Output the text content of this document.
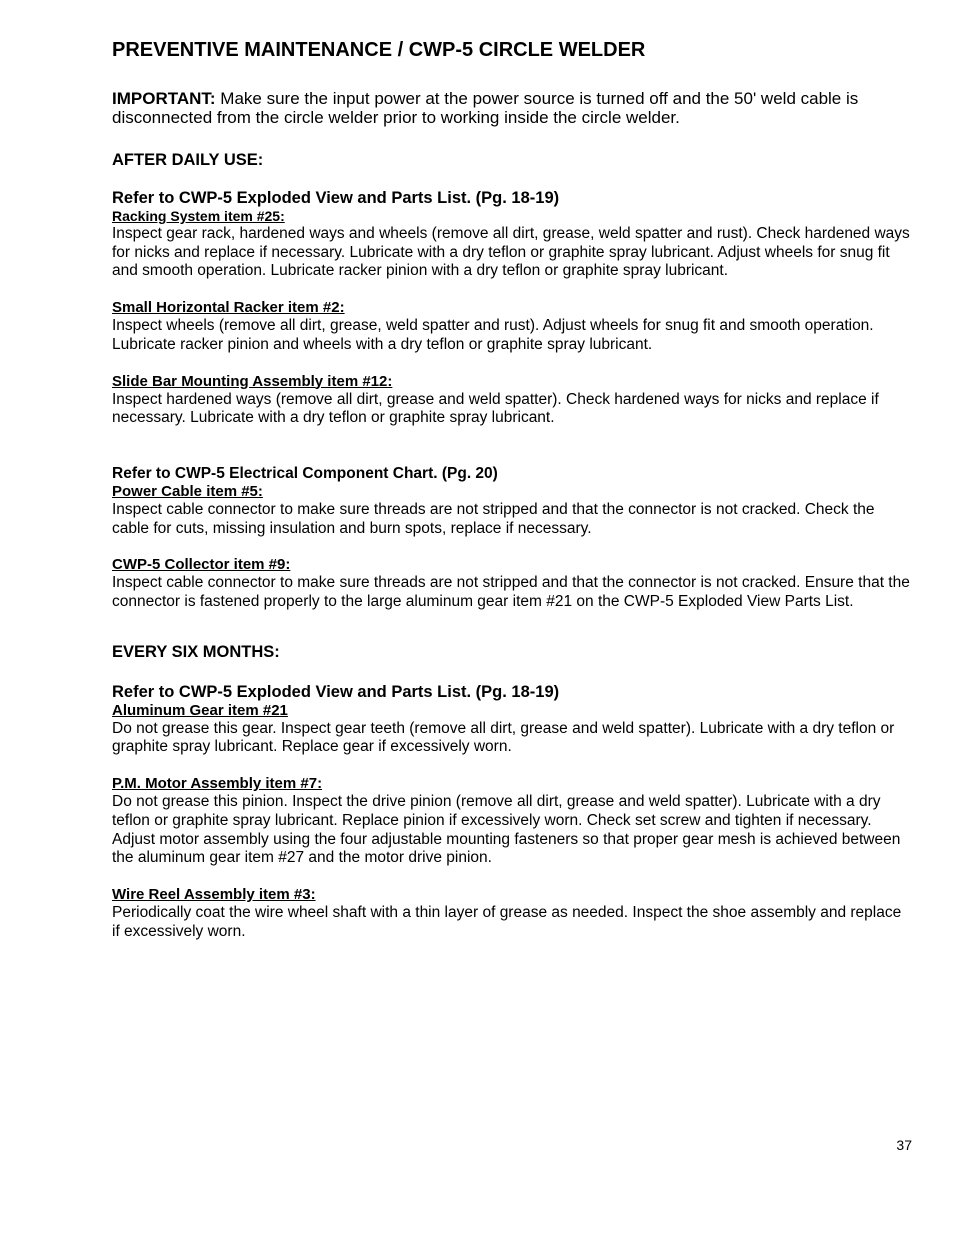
PREVENTIVE MAINTENANCE / CWP-5 CIRCLE WELDER
IMPORTANT: Make sure the input power at the power source is turned off and the 50' weld cable is disconnected from the circle welder prior to working inside the circle welder.
AFTER DAILY USE:
Refer to CWP-5 Exploded View and Parts List. (Pg. 18-19)
Racking System item #25:
Inspect gear rack, hardened ways and wheels (remove all dirt, grease, weld spatter and rust). Check hardened ways for nicks and replace if necessary. Lubricate with a dry teflon or graphite spray lubricant. Adjust wheels for snug fit and smooth operation. Lubricate racker pinion with a dry teflon or graphite spray lubricant.
Small Horizontal Racker item #2:
Inspect wheels (remove all dirt, grease, weld spatter and rust). Adjust wheels for snug fit and smooth operation. Lubricate racker pinion and wheels with a dry teflon or graphite spray lubricant.
Slide Bar Mounting Assembly item #12:
Inspect hardened ways (remove all dirt, grease and weld spatter). Check hardened ways for nicks and replace if necessary. Lubricate with a dry teflon or graphite spray lubricant.
Refer to CWP-5 Electrical Component Chart. (Pg. 20)
Power Cable item #5:
Inspect cable connector to make sure threads are not stripped and that the connector is not cracked. Check the cable for cuts, missing insulation and burn spots, replace if necessary.
CWP-5 Collector item #9:
Inspect cable connector to make sure threads are not stripped and that the connector is not cracked. Ensure that the connector is fastened properly to the large aluminum gear item #21 on the CWP-5 Exploded View Parts List.
EVERY SIX MONTHS:
Refer to CWP-5 Exploded View and Parts List. (Pg. 18-19)
Aluminum Gear item #21
Do not grease this gear. Inspect gear teeth (remove all dirt, grease and weld spatter). Lubricate with a dry teflon or graphite spray lubricant. Replace gear if excessively worn.
P.M. Motor Assembly item #7:
Do not grease this pinion. Inspect the drive pinion (remove all dirt, grease and weld spatter). Lubricate with a dry teflon or graphite spray lubricant. Replace pinion if excessively worn. Check set screw and tighten if necessary. Adjust motor assembly using the four adjustable mounting fasteners so that proper gear mesh is achieved between the aluminum gear item #27 and the motor drive pinion.
Wire Reel Assembly item #3:
Periodically coat the wire wheel shaft with a thin layer of grease as needed. Inspect the shoe assembly and replace if excessively worn.
37
